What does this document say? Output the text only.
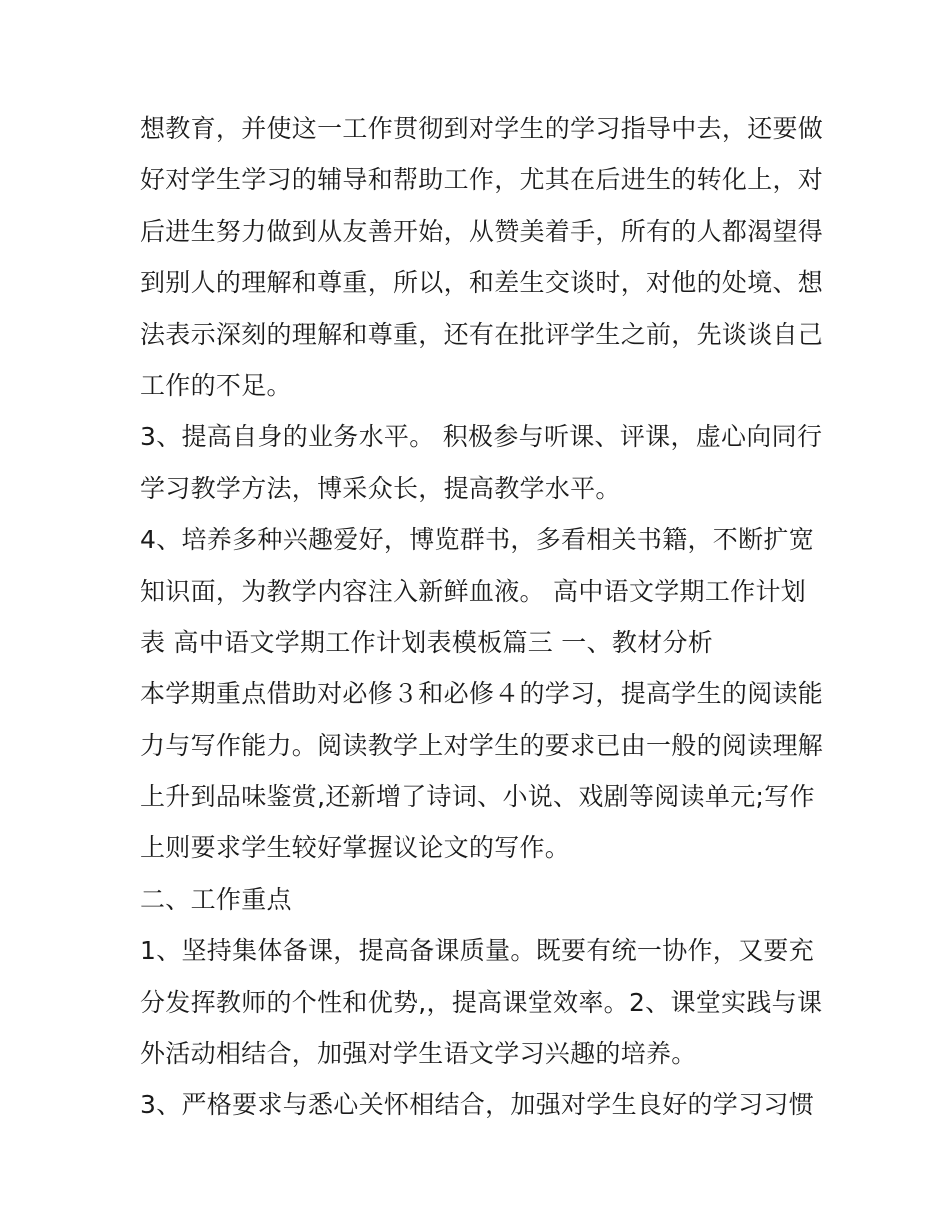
想教育，并使这一工作贯彻到对学生的学习指导中去，还要做
好对学生学习的辅导和帮助工作，尤其在后进生的转化上，对
后进生努力做到从友善开始，从赞美着手，所有的人都渴望得
到别人的理解和尊重，所以，和差生交谈时，对他的处境、想
法表示深刻的理解和尊重，还有在批评学生之前，先谈谈自己
工作的不足。
3、提高自身的业务水平。 积极参与听课、评课，虚心向同行
学习教学方法，博采众长，提高教学水平。
4、培养多种兴趣爱好，博览群书，多看相关书籍，不断扩宽
知识面，为教学内容注入新鲜血液。 高中语文学期工作计划
表 高中语文学期工作计划表模板篇三 一、教材分析
本学期重点借助对必修３和必修４的学习，提高学生的阅读能
力与写作能力。阅读教学上对学生的要求已由一般的阅读理解
上升到品味鉴赏,还新增了诗词、小说、戏剧等阅读单元;写作
上则要求学生较好掌握议论文的写作。
二、工作重点
1、坚持集体备课，提高备课质量。既要有统一协作，又要充
分发挥教师的个性和优势,，提高课堂效率。2、课堂实践与课
外活动相结合，加强对学生语文学习兴趣的培养。
3、严格要求与悉心关怀相结合，加强对学生良好的学习习惯
